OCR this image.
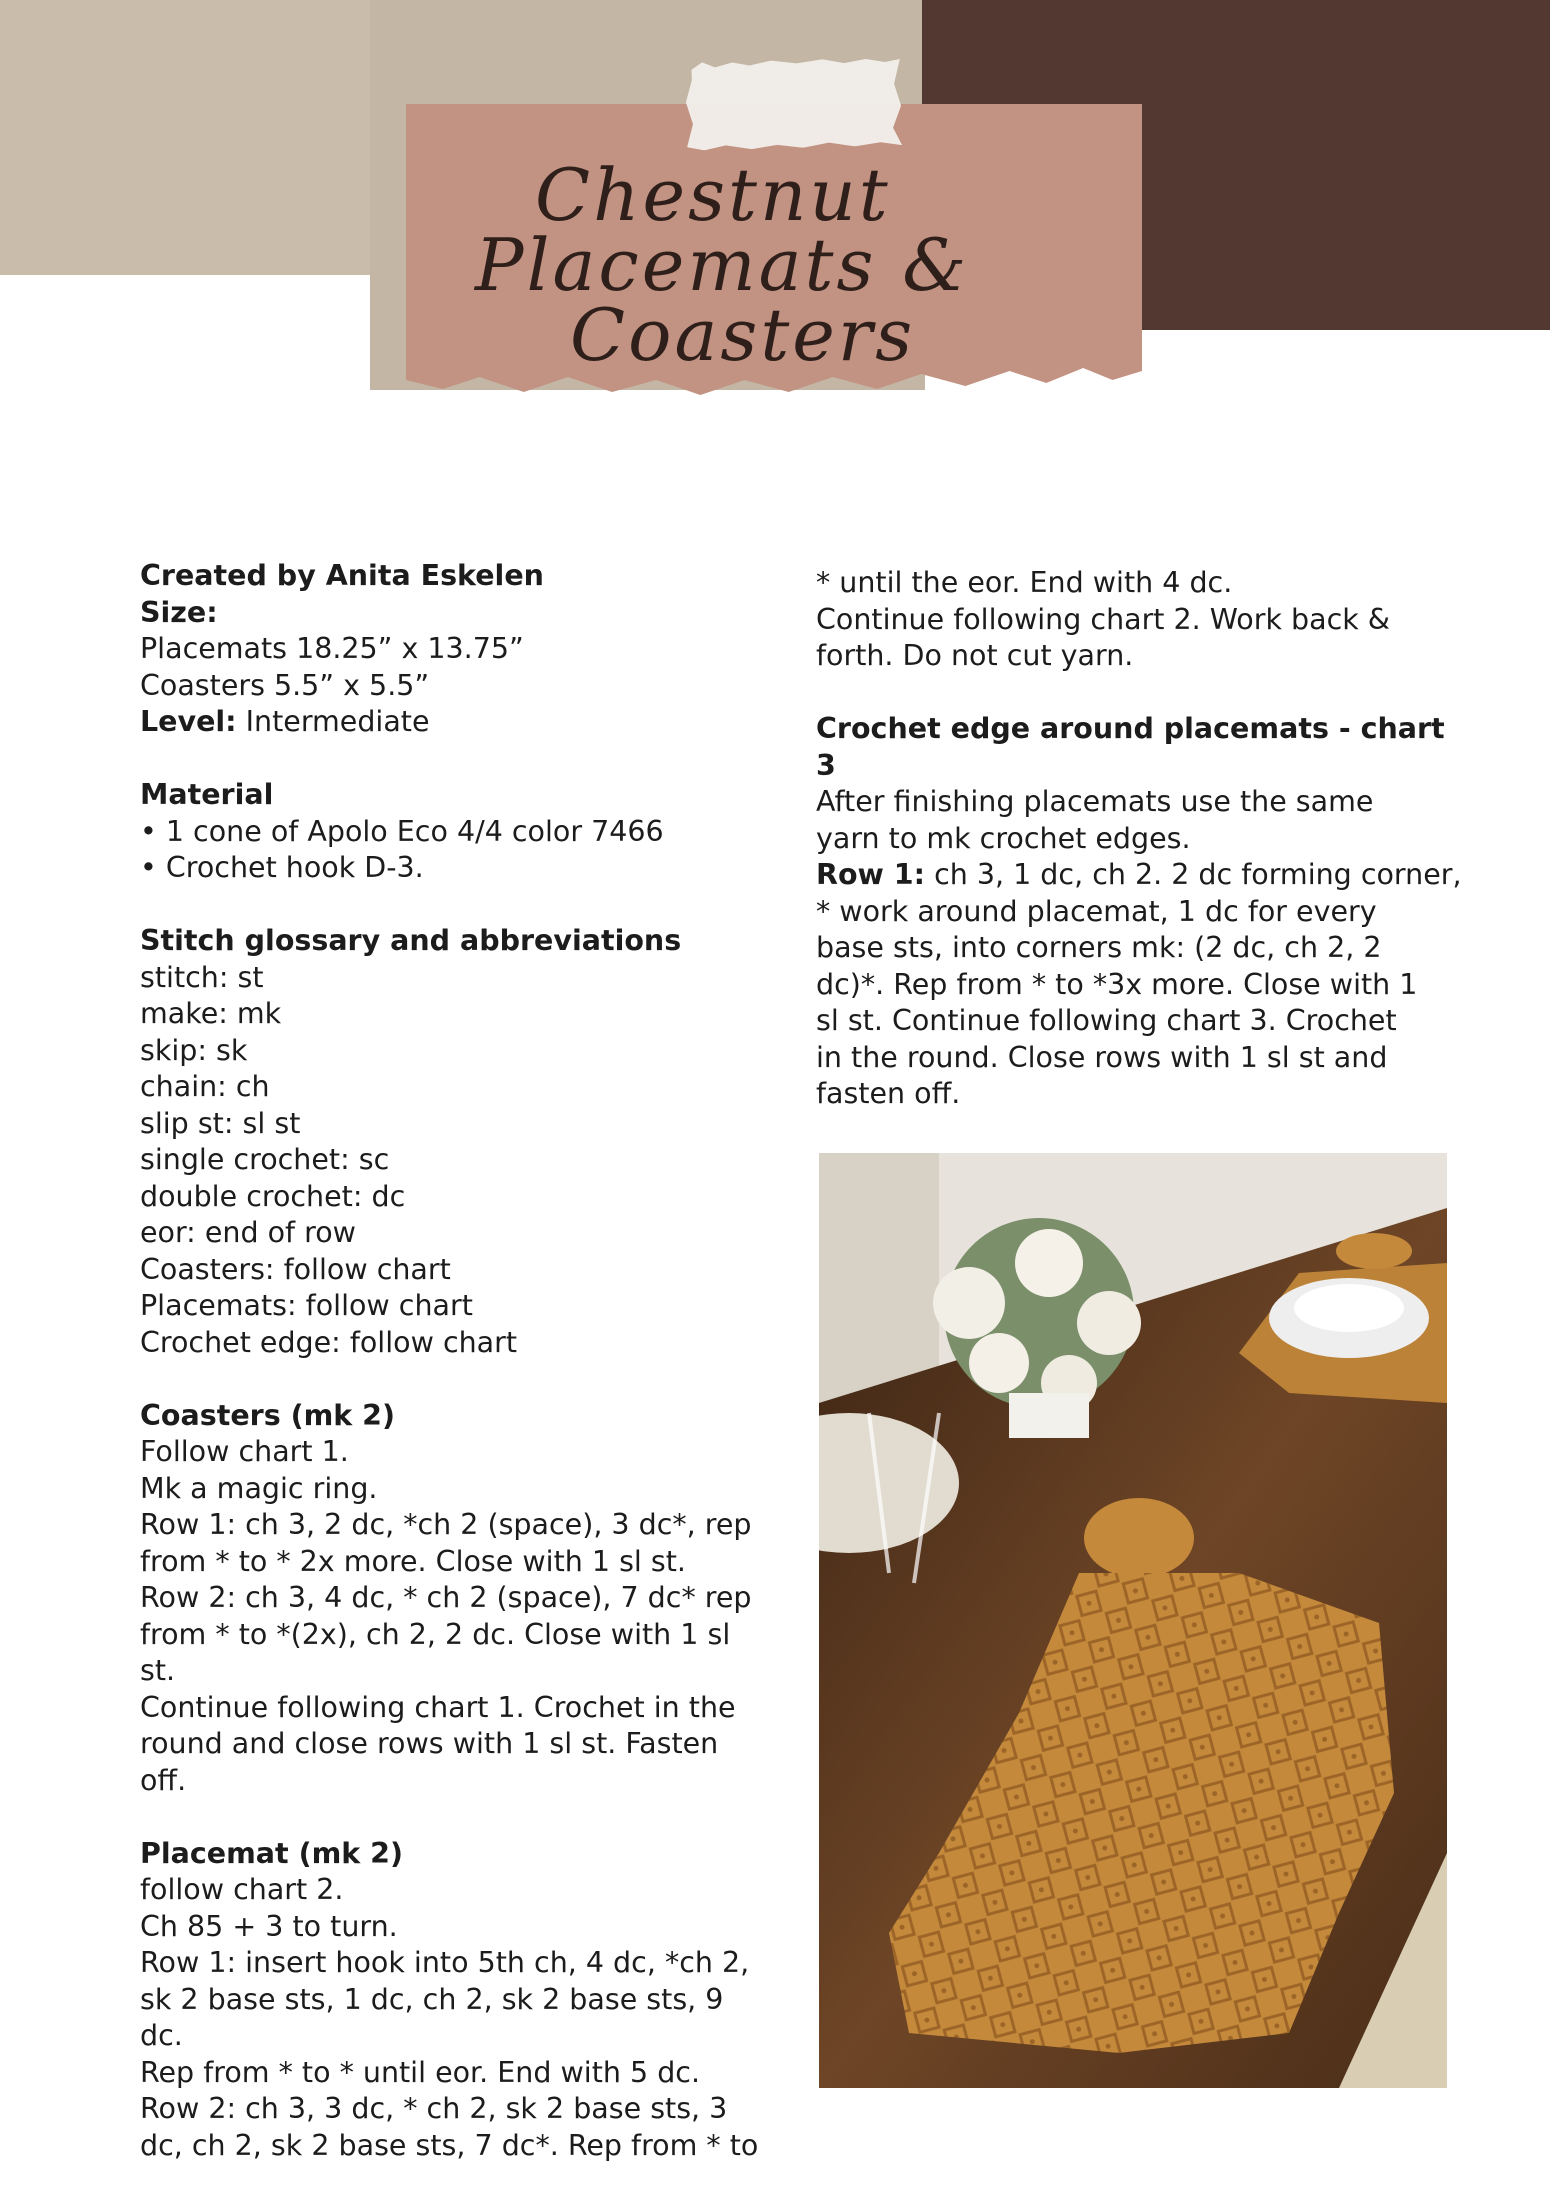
Chestnut
Placemats &
Coasters

Created by Anita Eskelen

Size:

Placemats 18.25” x 13.75”

Coasters 5.5” x 5.5”

Level: Intermediate

Material

• 1 cone of Apolo Eco 4/4 color 7466

• Crochet hook D-3.

Stitch glossary and abbreviations

stitch: st

make: mk

skip: sk

chain: ch

slip st: sl st

single crochet: sc

double crochet: dc

eor: end of row

Coasters: follow chart

Placemats: follow chart

Crochet edge: follow chart

Coasters (mk 2)

Follow chart 1.

Mk a magic ring.

Row 1: ch 3, 2 dc, *ch 2 (space), 3 dc*, rep

from * to * 2x more. Close with 1 sl st.

Row 2: ch 3, 4 dc, * ch 2 (space), 7 dc* rep

from * to *(2x), ch 2, 2 dc. Close with 1 sl st.

Continue following chart 1. Crochet in the

round and close rows with 1 sl st. Fasten

off.

Placemat (mk 2)

follow chart 2.

Ch 85 + 3 to turn.

Row 1: insert hook into 5th ch, 4 dc, *ch 2,

sk 2 base sts, 1 dc, ch 2, sk 2 base sts, 9 dc.

Rep from * to * until eor. End with 5 dc.

Row 2: ch 3, 3 dc, * ch 2, sk 2 base sts, 3

dc, ch 2, sk 2 base sts, 7 dc*. Rep from * to

* until the eor. End with 4 dc.

Continue following chart 2. Work back &

forth. Do not cut yarn.

Crochet edge around placemats - chart 3

After finishing placemats use the same

yarn to mk crochet edges.

Row 1: ch 3, 1 dc, ch 2. 2 dc forming corner,

* work around placemat, 1 dc for every

base sts, into corners mk: (2 dc, ch 2, 2

dc)*. Rep from * to *3x more. Close with 1

sl st. Continue following chart 3. Crochet

in the round. Close rows with 1 sl st and

fasten off.
